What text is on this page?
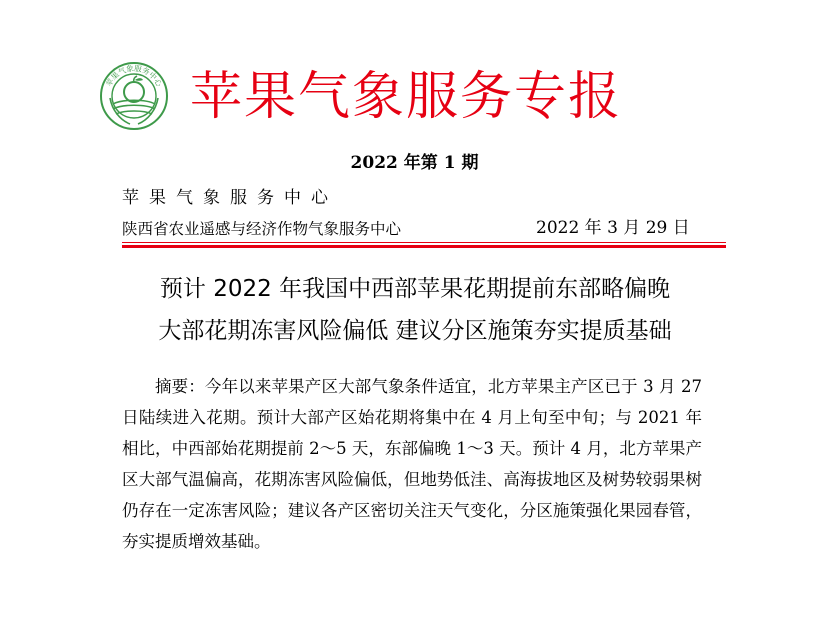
苹果气象服务中心 苹果气象服务专报
2022 年第 1 期
苹果气象服务中心
陕西省农业遥感与经济作物气象服务中心	2022 年 3 月 29 日
预计 2022 年我国中西部苹果花期提前东部略偏晚
大部花期冻害风险偏低 建议分区施策夯实提质基础

摘要：今年以来苹果产区大部气象条件适宜，北方苹果主产区已于 3 月 27 日陆续进入花期。预计大部产区始花期将集中在 4 月上旬至中旬；与 2021 年相比，中西部始花期提前 2～5 天，东部偏晚 1～3 天。预计 4 月，北方苹果产区大部气温偏高，花期冻害风险偏低，但地势低洼、高海拔地区及树势较弱果树仍存在一定冻害风险；建议各产区密切关注天气变化，分区施策强化果园春管，夯实提质增效基础。
